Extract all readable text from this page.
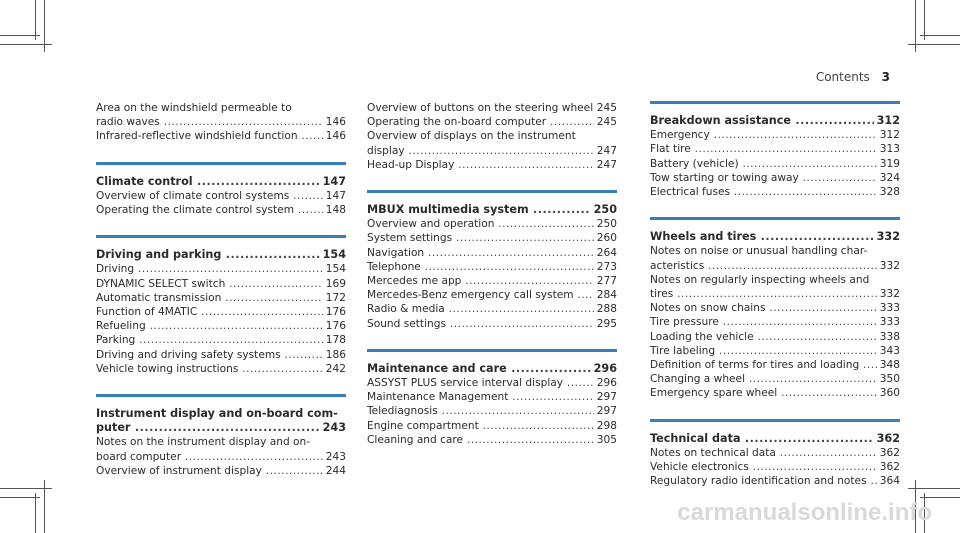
Contents 3
Area on the windshield permeable to
radio waves .....	146
Infrared-reflective windshield function .....	146
Climate control .....	147
Overview of climate control systems .....	147
Operating the climate control system .....	148
Driving and parking .....	154
Driving .....	154
DYNAMIC SELECT switch .....	169
Automatic transmission .....	172
Function of 4MATIC .....	176
Refueling .....	176
Parking .....	178
Driving and driving safety systems .....	186
Vehicle towing instructions .....	242
Instrument display and on-board com-
puter .....	243
Notes on the instrument display and on-
board computer .....	243
Overview of instrument display .....	244
Overview of buttons on the steering wheel ..... 245
Operating the on-board computer .....	245
Overview of displays on the instrument
display .....	247
Head-up Display .....	247
MBUX multimedia system .....	250
Overview and operation .....	250
System settings .....	260
Navigation .....	264
Telephone .....	273
Mercedes me app .....	277
Mercedes-Benz emergency call system ..... 284
Radio & media .....	288
Sound settings .....	295
Maintenance and care .....	296
ASSYST PLUS service interval display .....	296
Maintenance Management .....	297
Telediagnosis .....	297
Engine compartment .....	298
Cleaning and care .....	305
Breakdown assistance .....	312
Emergency .....	312
Flat tire .....	313
Battery (vehicle) .....	319
Tow starting or towing away .....	324
Electrical fuses .....	328
Wheels and tires .....	332
Notes on noise or unusual handling char-
acteristics .....	332
Notes on regularly inspecting wheels and
tires .....	332
Notes on snow chains .....	333
Tire pressure .....	333
Loading the vehicle .....	338
Tire labeling .....	343
Definition of terms for tires and loading ..... 348
Changing a wheel .....	350
Emergency spare wheel .....	360
Technical data .....	362
Notes on technical data .....	362
Vehicle electronics .....	362
Regulatory radio identification and notes ..... 364
carmanualsonline.info
